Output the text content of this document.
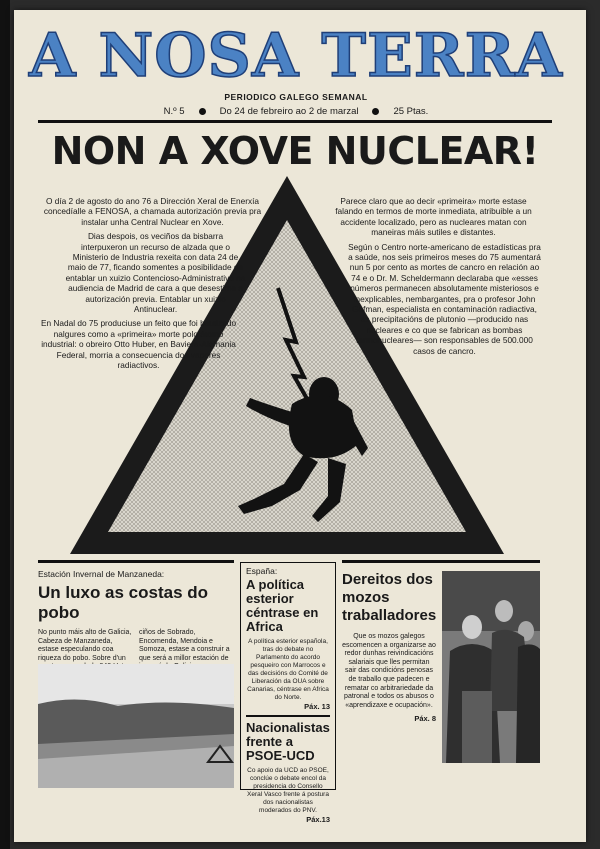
A NOSA TERRA
PERIODICO GALEGO SEMANAL
N.º 5	Do 24 de febreiro ao 2 de marzal	25 Ptas.
NON A XOVE NUCLEAR!

O día 2 de agosto do ano 76 a Dirección Xeral de Enerxía concedíalle a FENOSA, a chamada autorización previa pra instalar unha Central Nuclear en Xove.

Dias despois, os veciños da bisbarra interpuxeron un recurso de alzada que o Ministerio de Industria rexeita con data 24 de maio de 77, ficando somentes a posibilidade de entablar un xuizio Contencioso-Administrativo na audiencia de Madrid de cara a que desestime a autorización previa. Entablar un xuizio Antinuclear.

En Nadal do 75 produciuse un feito que foi bautizado nalgures como a «primeira» morte polo átomo industrial: o obreiro Otto Huber, en Baviera-Alemania Federal, morria a consecuencia dos vapores radiactivos.

Parece claro que ao decir «primeira» morte estase falando en termos de morte inmediata, atribuible a un accidente localizado, pero as nucleares matan con maneiras máis sutiles e distantes.

Según o Centro norte-americano de estadísticas pra a saúde, nos seis primeiros meses do 75 aumentará nun 5 por cento as mortes de cancro en relación ao 74 e o Dr. M. Scheldermann declaraba que «esses números permanecen absolutamente misteriosos e inexplicables, nembargantes, pra o profesor John Gofman, especialista en contaminación radiactiva, as precipitacións de plutonio —producido nas nucleares e co que se fabrican as bombas termonucleares— son responsables de 500.000 casos de cancro.

Estación Invernal de Manzaneda:
Un luxo as costas do pobo
No punto máis alto de Galicia, Cabeza de Manzaneda, estase especulando coa riqueza do pobo. Sobre d'un
ciños de Sobrado, Encomenda, Mendoia e Somoza, estase a construir a que será a millor estación de
España:
A política esterior céntrase en Africa
A política esterior española, tras do debate no Parlamento do acordo pesqueiro con Marrocos e das decisións do Comité de Liberación da OUA sobre Canarias, céntrase en Africa do Norte.
Páx. 13
Nacionalistas frente a PSOE-UCD
Co apoio da UCD ao PSOE, conclúe o debate encol da presidencia do Consello Xeral Vasco frente á postura dos nacionalistas moderados do PNV.
Páx.13
Dereitos dos mozos traballadores
Que os mozos galegos escomencen a organizarse ao redor dunhas reivindicacións salariais que lles permitan sair das condicións penosas de traballo que padecen e rematar co arbitrariedade da patronal e todos os abusos o «aprendizaxe e ocupación».
Páx. 8
